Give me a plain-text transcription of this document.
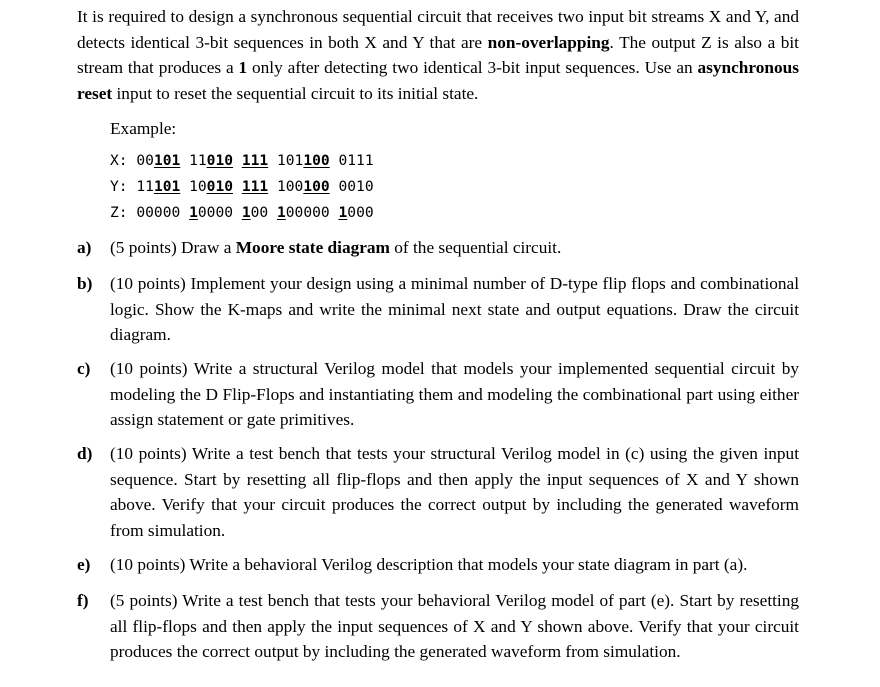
It is required to design a synchronous sequential circuit that receives two input bit streams X and Y, and detects identical 3-bit sequences in both X and Y that are non-overlapping. The output Z is also a bit stream that produces a 1 only after detecting two identical 3-bit input sequences. Use an asynchronous reset input to reset the sequential circuit to its initial state.
Example:
X: 00101 11010 111 101100 0111
Y: 11101 10010 111 100100 0010
Z: 00000 10000 100 100000 1000
a) (5 points) Draw a Moore state diagram of the sequential circuit.
b) (10 points) Implement your design using a minimal number of D-type flip flops and combinational logic. Show the K-maps and write the minimal next state and output equations. Draw the circuit diagram.
c) (10 points) Write a structural Verilog model that models your implemented sequential circuit by modeling the D Flip-Flops and instantiating them and modeling the combinational part using either assign statement or gate primitives.
d) (10 points) Write a test bench that tests your structural Verilog model in (c) using the given input sequence. Start by resetting all flip-flops and then apply the input sequences of X and Y shown above. Verify that your circuit produces the correct output by including the generated waveform from simulation.
e) (10 points) Write a behavioral Verilog description that models your state diagram in part (a).
f) (5 points) Write a test bench that tests your behavioral Verilog model of part (e). Start by resetting all flip-flops and then apply the input sequences of X and Y shown above. Verify that your circuit produces the correct output by including the generated waveform from simulation.
